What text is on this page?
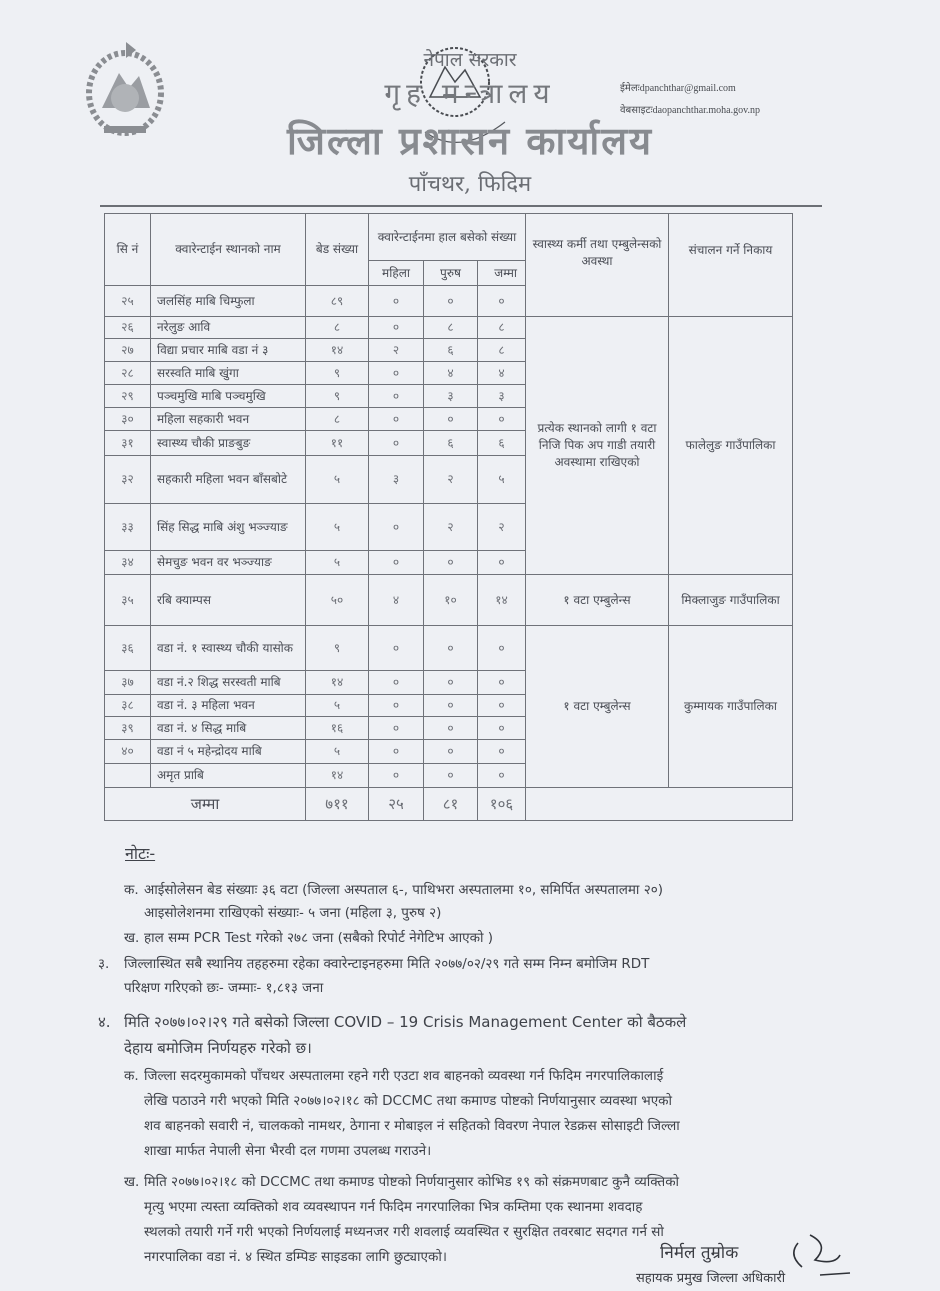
नेपाल सरकार
गृह मन्त्रालय
जिल्ला प्रशासन कार्यालय
पाँचथर, फिदिम
ईमेलःdpanchthar@gmail.com
वेबसाइटःdaopanchthar.moha.gov.np
सि नं	क्वारेन्टाईन स्थानको नाम	बेड संख्या	क्वारेन्टाईनमा हाल बसेको संख्या			स्वास्थ्य कर्मी तथा एम्बुलेन्सको अवस्था	संचालन गर्ने निकाय
			महिला	पुरुष	जम्मा		
२५	जलसिंह माबि चिम्फुला	८९	०	०	०		
२६	नरेलुङ आवि	८	०	८	८	प्रत्येक स्थानको लागी १ वटा निजि पिक अप गाडी तयारी अवस्थामा राखिएको	फालेलुङ गाउँपालिका
२७	विद्या प्रचार माबि वडा नं ३	१४	२	६	८		
२८	सरस्वति माबि खुंगा	९	०	४	४		
२९	पञ्चमुखि माबि पञ्चमुखि	९	०	३	३		
३०	महिला सहकारी भवन	८	०	०	०		
३१	स्वास्थ्य चौकी प्राङबुङ	११	०	६	६		
३२	सहकारी महिला भवन बाँसबोटे	५	३	२	५		
३३	सिंह सिद्ध माबि अंशु भञ्ज्याङ	५	०	२	२		
३४	सेमचुङ भवन वर भञ्ज्याङ	५	०	०	०		
३५	रबि क्याम्पस	५०	४	१०	१४	१ वटा एम्बुलेन्स	मिक्लाजुङ गाउँपालिका
३६	वडा नं. १ स्वास्थ्य चौकी यासोक	९	०	०	०	१ वटा एम्बुलेन्स	कुम्मायक गाउँपालिका
३७	वडा नं.२ शिद्ध सरस्वती माबि	१४	०	०	०		
३८	वडा नं. ३ महिला भवन	५	०	०	०		
३९	वडा नं. ४ सिद्ध माबि	१६	०	०	०		
४०	वडा नं ५ महेन्द्रोदय माबि	५	०	०	०		
	अमृत प्राबि	१४	०	०	०		
जम्मा		७११	२५	८१	१०६		
नोटः-
क. आईसोलेसन बेड संख्याः ३६ वटा (जिल्ला अस्पताल ६-, पाथिभरा अस्पतालमा १०, समिर्पित अस्पतालमा २०)
आइसोलेशनमा राखिएको संख्याः- ५ जना (महिला ३, पुरुष २)
ख. हाल सम्म PCR Test गरेको २७८ जना (सबैको रिपोर्ट नेगेटिभ आएको )
३. जिल्लास्थित सबै स्थानिय तहहरुमा रहेका क्वारेन्टाइनहरुमा मिति २०७७/०२/२९ गते सम्म निम्न बमोजिम RDT
परिक्षण गरिएको छः- जम्माः- १,८१३ जना
४. मिति २०७७।०२।२९ गते बसेको जिल्ला COVID – 19 Crisis Management Center को बैठकले
देहाय बमोजिम निर्णयहरु गरेको छ।
क. जिल्ला सदरमुकामको पाँचथर अस्पतालमा रहने गरी एउटा शव बाहनको व्यवस्था गर्न फिदिम नगरपालिकालाई
लेखि पठाउने गरी भएको मिति २०७७।०२।१८ को DCCMC तथा कमाण्ड पोष्टको निर्णयानुसार व्यवस्था भएको
शव बाहनको सवारी नं, चालकको नामथर, ठेगाना र मोबाइल नं सहितको विवरण नेपाल रेडक्रस सोसाइटी जिल्ला
शाखा मार्फत नेपाली सेना भैरवी दल गणमा उपलब्ध गराउने।
ख. मिति २०७७।०२।१८ को DCCMC तथा कमाण्ड पोष्टको निर्णयानुसार कोभिड १९ को संक्रमणबाट कुनै व्यक्तिको
मृत्यु भएमा त्यस्ता व्यक्तिको शव व्यवस्थापन गर्न फिदिम नगरपालिका भित्र कम्तिमा एक स्थानमा शवदाह
स्थलको तयारी गर्ने गरी भएको निर्णयलाई मध्यनजर गरी शवलाई व्यवस्थित र सुरक्षित तवरबाट सदगत गर्न सो
नगरपालिका वडा नं. ४ स्थित डम्पिङ साइडका लागि छुट्याएको।	निर्मल तुम्रोक
सहायक प्रमुख जिल्ला अधिकारी
